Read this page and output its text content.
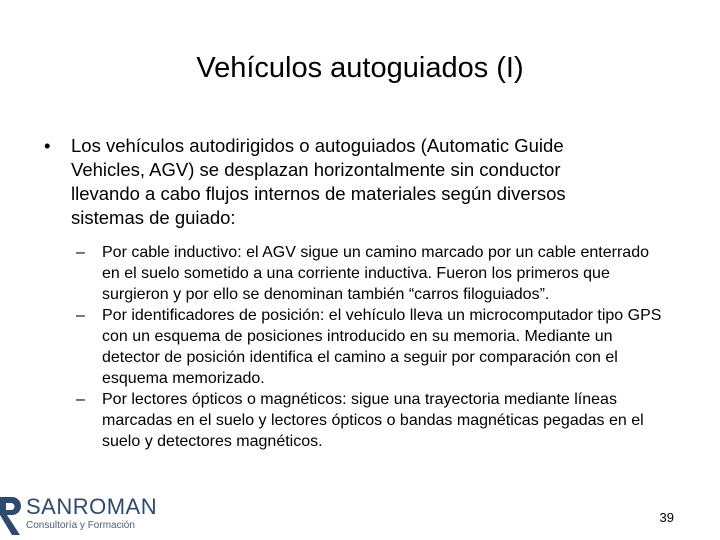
Vehículos autoguiados (I)
•	Los vehículos autodirigidos o autoguiados (Automatic Guide Vehicles, AGV) se desplazan horizontalmente sin conductor llevando a cabo flujos internos de materiales según diversos sistemas de guiado:
–	Por cable inductivo: el AGV sigue un camino marcado por un cable enterrado en el suelo sometido a una corriente inductiva. Fueron los primeros que surgieron y por ello se denominan también “carros filoguiados”.
–	Por identificadores de posición: el vehículo lleva un microcomputador tipo GPS con un esquema de posiciones introducido en su memoria. Mediante un detector de posición identifica el camino a seguir por comparación con el esquema memorizado.
–	Por lectores ópticos o magnéticos: sigue una trayectoria mediante líneas marcadas en el suelo y lectores ópticos o bandas magnéticas pegadas en el suelo y detectores magnéticos.
SANROMAN
Consultoría y Formación
39
